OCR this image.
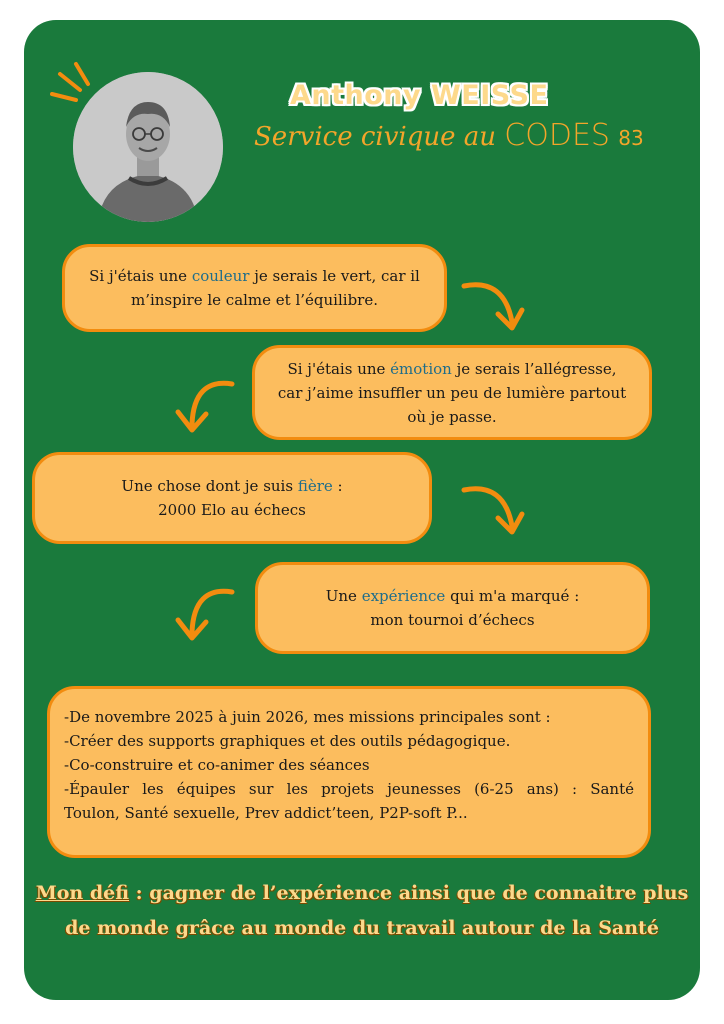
Anthony WEISSE
Service civique au CODES 83
Si j'étais une couleur je serais le vert, car il m’inspire le calme et l’équilibre.
Si j'étais une émotion je serais l’allégresse, car j’aime insuffler un peu de lumière partout où je passe.
Une chose dont je suis fière :
2000 Elo au échecs
Une expérience qui m'a marqué :
mon tournoi d’échecs
-De novembre 2025 à juin 2026, mes missions principales sont :
-Créer des supports graphiques et des outils pédagogique.
-Co-construire et co-animer des séances
-Épauler les équipes sur les projets jeunesses (6-25 ans) : Santé
Toulon, Santé sexuelle, Prev addict’teen, P2P-soft P...
Mon défi : gagner de l’expérience ainsi que de connaitre plus de monde grâce au monde du travail autour de la Santé
